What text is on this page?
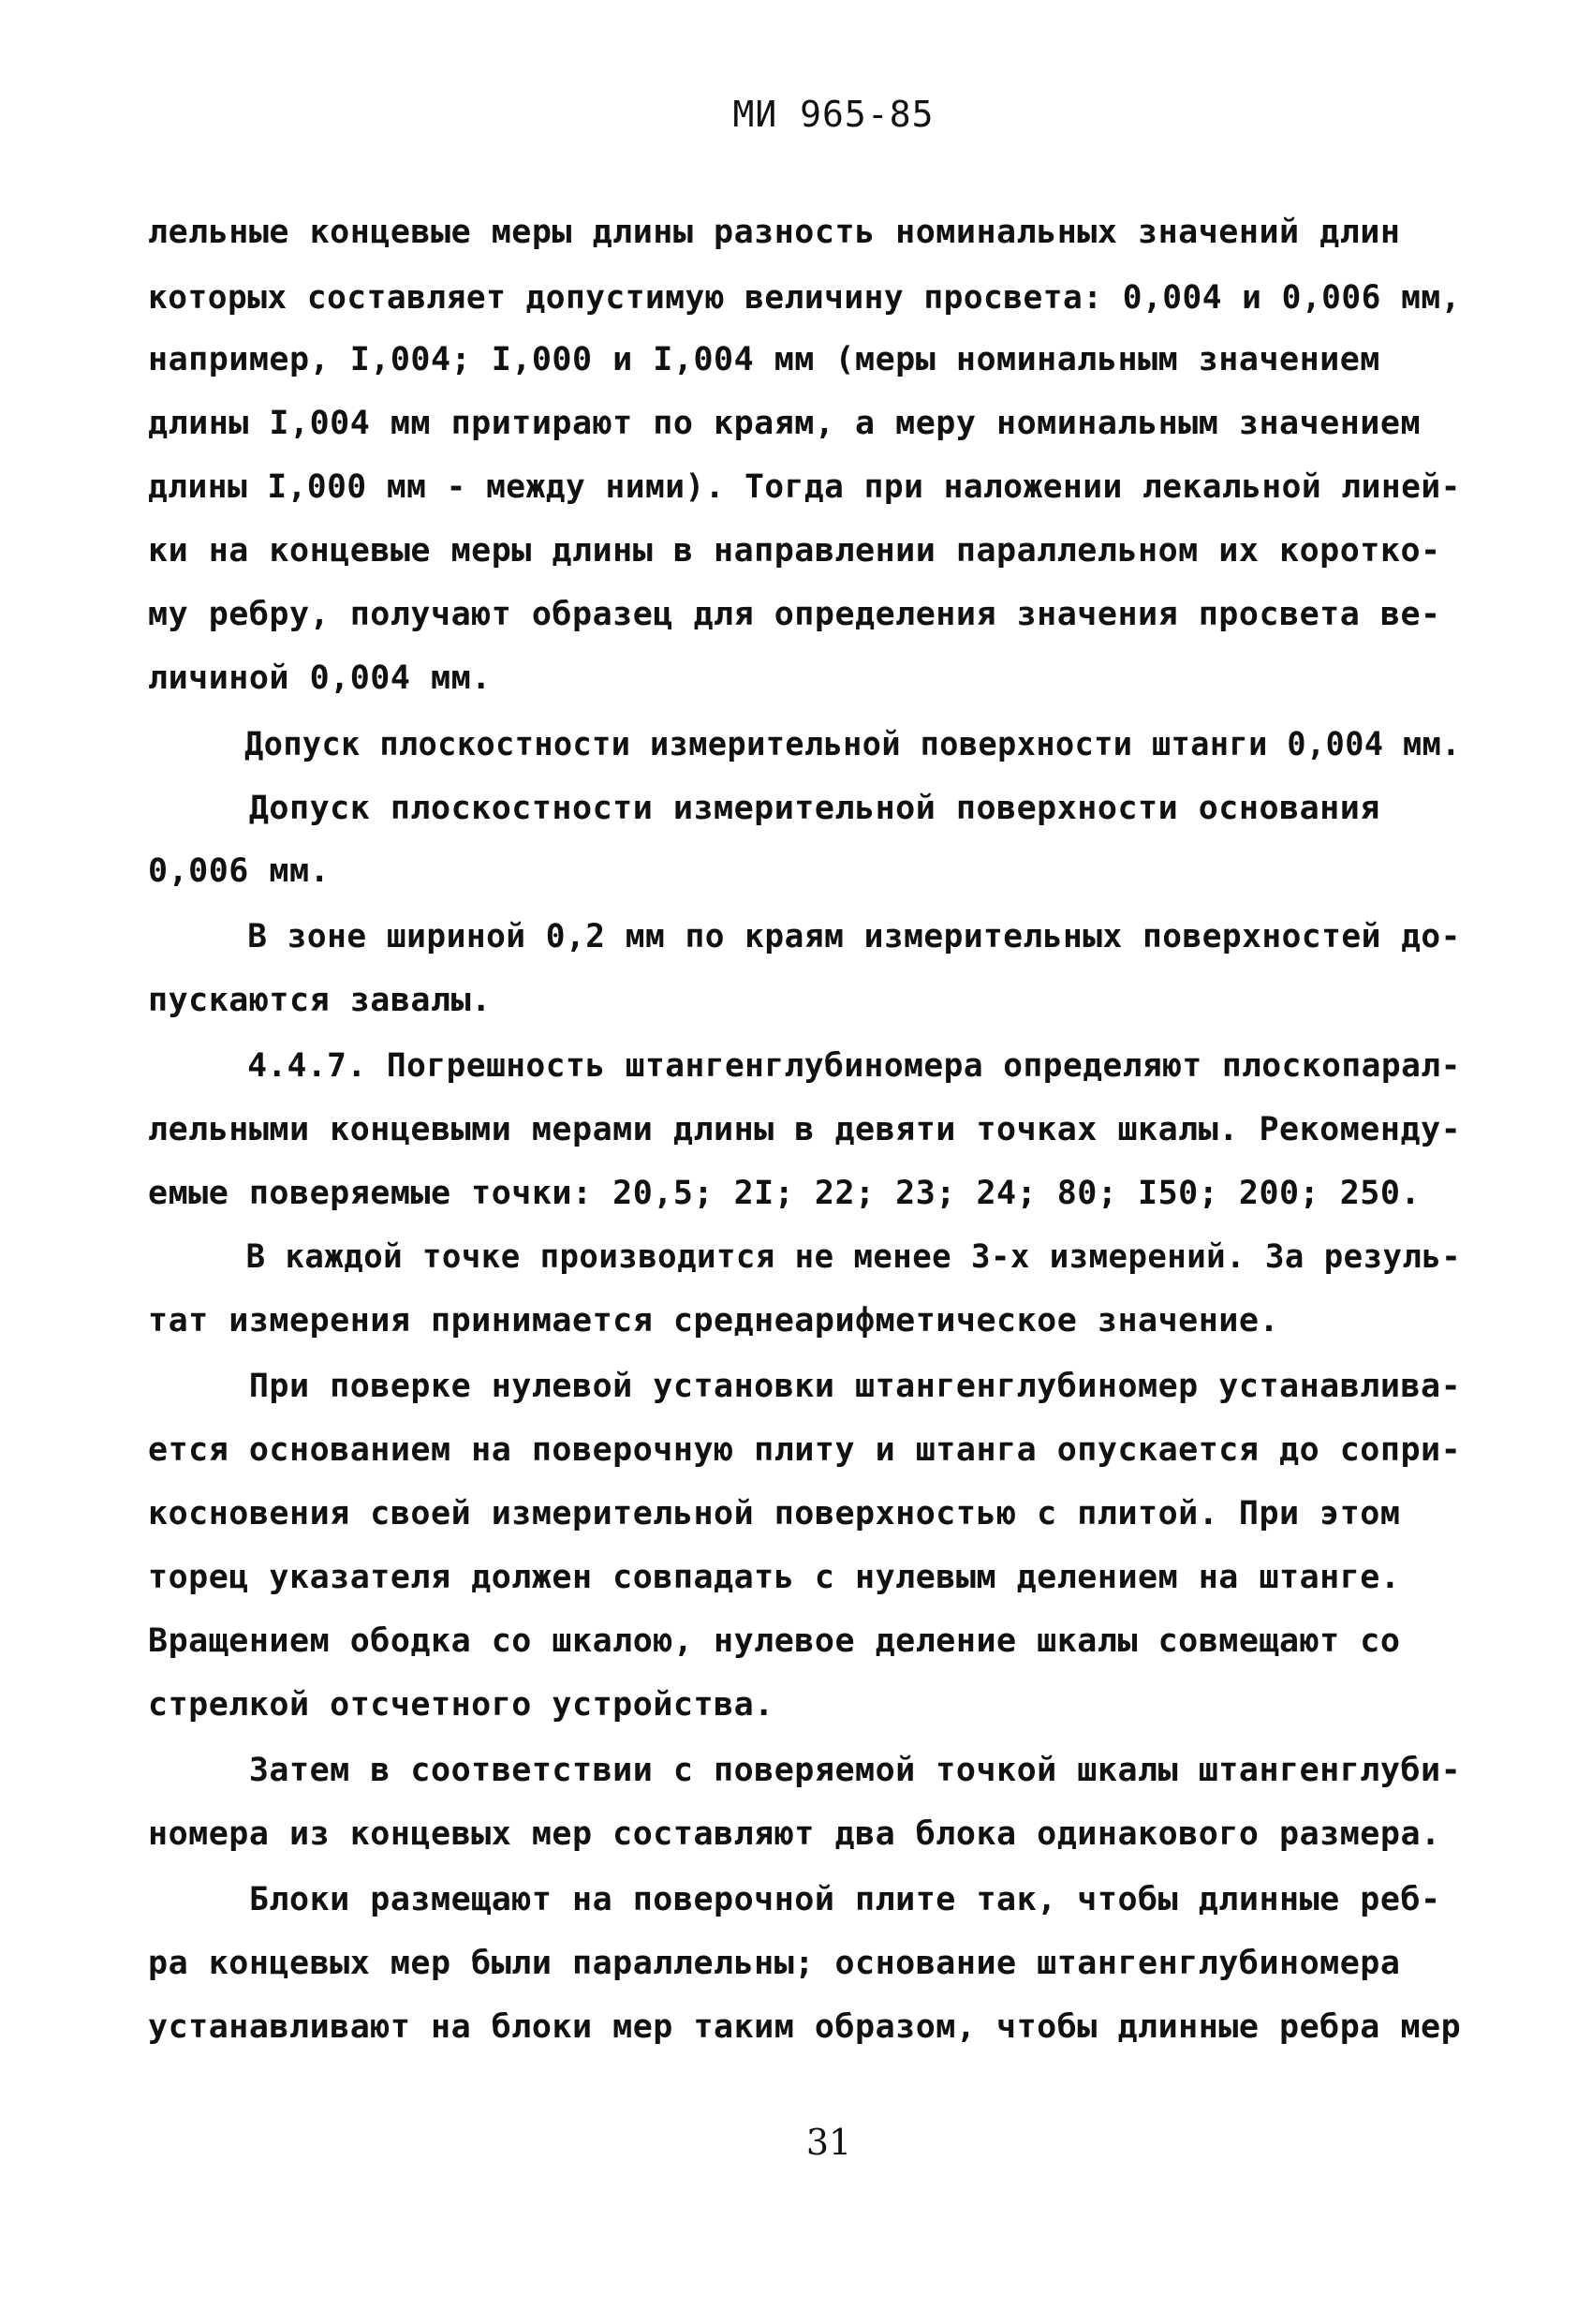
МИ 965-85
лельные концевые меры длины разность номинальных значений длин
которых составляет допустимую величину просвета: 0,004 и 0,006 мм,
например, I,004; I,000 и I,004 мм (меры номинальным значением
длины I,004 мм притирают по краям, а меру номинальным значением
длины I,000 мм - между ними). Тогда при наложении лекальной линей-
ки на концевые меры длины в направлении параллельном их коротко-
му ребру, получают образец для определения значения просвета ве-
личиной 0,004 мм.
Допуск плоскостности измерительной поверхности штанги 0,004 мм.
Допуск плоскостности измерительной поверхности основания
0,006 мм.
В зоне шириной 0,2 мм по краям измерительных поверхностей до-
пускаются завалы.
4.4.7. Погрешность штангенглубиномера определяют плоскопарал-
лельными концевыми мерами длины в девяти точках шкалы. Рекоменду-
емые поверяемые точки: 20,5; 2I; 22; 23; 24; 80; I50; 200; 250.
В каждой точке производится не менее 3-х измерений. За резуль-
тат измерения принимается среднеарифметическое значение.
При поверке нулевой установки штангенглубиномер устанавлива-
ется основанием на поверочную плиту и штанга опускается до сопри-
косновения своей измерительной поверхностью с плитой. При этом
торец указателя должен совпадать с нулевым делением на штанге.
Вращением ободка со шкалою, нулевое деление шкалы совмещают со
стрелкой отсчетного устройства.
Затем в соответствии с поверяемой точкой шкалы штангенглуби-
номера из концевых мер составляют два блока одинакового размера.
Блоки размещают на поверочной плите так, чтобы длинные реб-
ра концевых мер были параллельны; основание штангенглубиномера
устанавливают на блоки мер таким образом, чтобы длинные ребра мер
31
